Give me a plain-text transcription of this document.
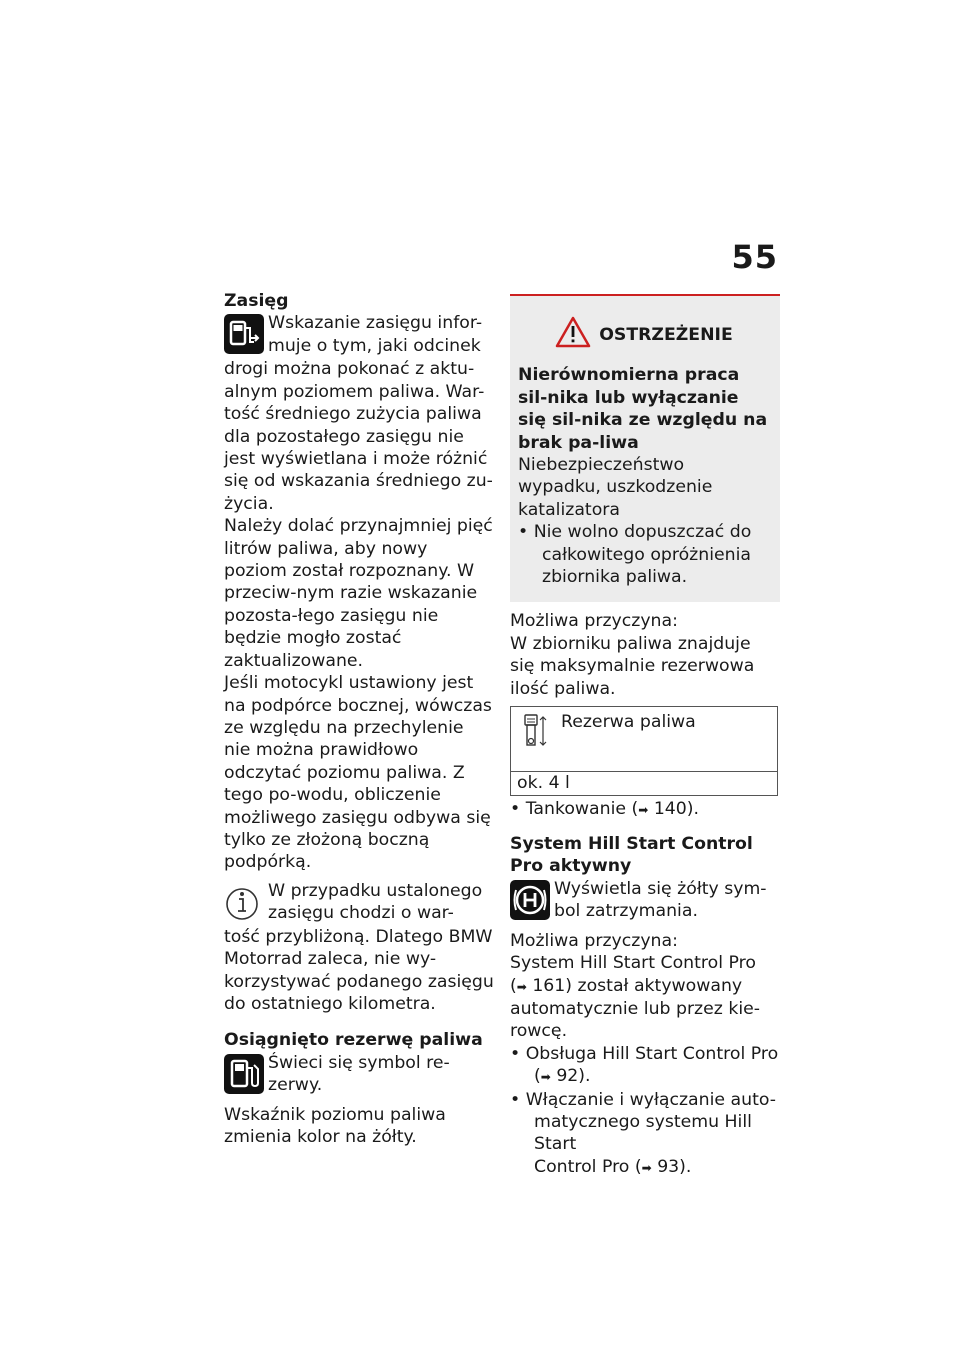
55

Zasięg

Wskazanie zasięgu infor-
muje o tym, jaki odcinek

drogi można pokonać z aktu-alnym poziomem paliwa. War-tość średniego zużycia paliwa dla pozostałego zasięgu nie jest wyświetlana i może różnić się od wskazania średniego zu-życia.

Należy dolać przynajmniej pięć litrów paliwa, aby nowy poziom został rozpoznany. W przeciw-nym razie wskazanie pozosta-łego zasięgu nie będzie mogło zostać zaktualizowane.

Jeśli motocykl ustawiony jest na podpórce bocznej, wówczas ze względu na przechylenie nie można prawidłowo odczytać poziomu paliwa. Z tego po-wodu, obliczenie możliwego zasięgu odbywa się tylko ze złożoną boczną podpórką.

W przypadku ustalonego
zasięgu chodzi o war-

tość przybliżoną. Dlatego BMW Motorrad zaleca, nie wy-korzystywać podanego zasięgu do ostatniego kilometra.

Osiągnięto rezerwę paliwa

Świeci się symbol re-
zerwy.

Wskaźnik poziomu paliwa zmienia kolor na żółty.

OSTRZEŻENIE

Nierównomierna praca sil-nika lub wyłączanie się sil-nika ze względu na brak pa-liwa

Niebezpieczeństwo wypadku, uszkodzenie katalizatora

• Nie wolno dopuszczać do
całkowitego opróżnienia
zbiornika paliwa.

Możliwa przyczyna:

W zbiorniku paliwa znajduje się maksymalnie rezerwowa ilość paliwa.

Rezerwa paliwa

ok. 4 l
• Tankowanie (➡ 140).

System Hill Start Control Pro aktywny

Wyświetla się żółty sym-
bol zatrzymania.

Możliwa przyczyna:

System Hill Start Control Pro

(➡ 161) został aktywowany

automatycznie lub przez kie-rowcę.

• Obsługa Hill Start Control Pro
(➡ 92).
• Włączanie i wyłączanie auto-
matycznego systemu Hill Start
Control Pro (➡ 93).
